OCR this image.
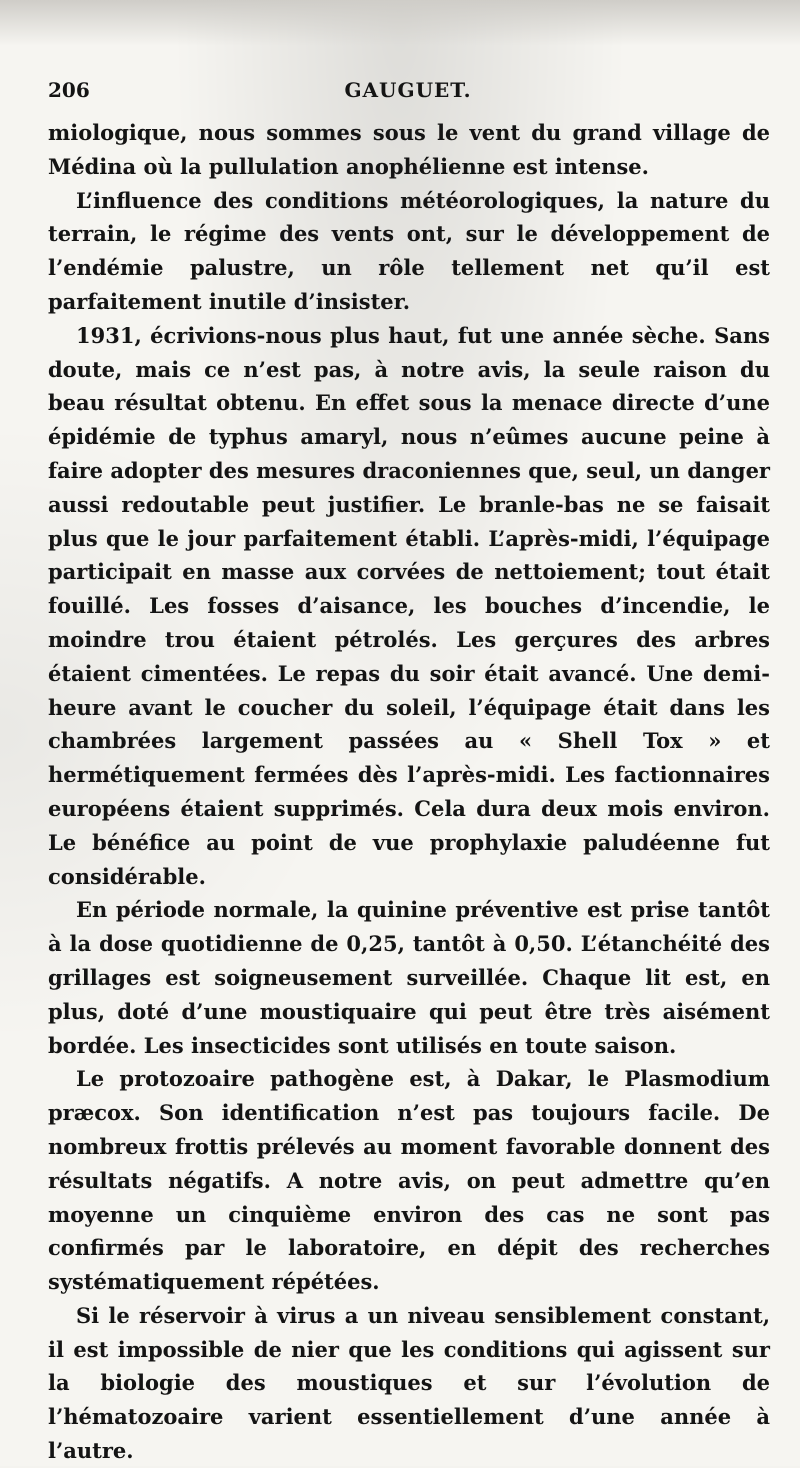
206	GAUGUET.

miologique, nous sommes sous le vent du grand village de Médina où la pullulation anophélienne est intense.

L’influence des conditions météorologiques, la nature du terrain, le régime des vents ont, sur le développement de l’endémie palustre, un rôle tellement net qu’il est parfaitement inutile d’insister.

1931, écrivions-nous plus haut, fut une année sèche. Sans doute, mais ce n’est pas, à notre avis, la seule raison du beau résultat obtenu. En effet sous la menace directe d’une épidémie de typhus amaryl, nous n’eûmes aucune peine à faire adopter des mesures draconiennes que, seul, un danger aussi redoutable peut justifier. Le branle-bas ne se faisait plus que le jour parfaitement établi. L’après-midi, l’équipage participait en masse aux corvées de nettoiement; tout était fouillé. Les fosses d’aisance, les bouches d’incendie, le moindre trou étaient pétrolés. Les gerçures des arbres étaient cimentées. Le repas du soir était avancé. Une demi-heure avant le coucher du soleil, l’équipage était dans les chambrées largement passées au « Shell Tox » et hermétiquement fermées dès l’après-midi. Les factionnaires européens étaient supprimés. Cela dura deux mois environ. Le bénéfice au point de vue prophylaxie paludéenne fut considérable.

En période normale, la quinine préventive est prise tantôt à la dose quotidienne de 0,25, tantôt à 0,50. L’étanchéité des grillages est soigneusement surveillée. Chaque lit est, en plus, doté d’une moustiquaire qui peut être très aisément bordée. Les insecticides sont utilisés en toute saison.

Le protozoaire pathogène est, à Dakar, le Plasmodium præcox. Son identification n’est pas toujours facile. De nombreux frottis prélevés au moment favorable donnent des résultats négatifs. A notre avis, on peut admettre qu’en moyenne un cinquième environ des cas ne sont pas confirmés par le laboratoire, en dépit des recherches systématiquement répétées.

Si le réservoir à virus a un niveau sensiblement constant, il est impossible de nier que les conditions qui agissent sur la biologie des moustiques et sur l’évolution de l’hématozoaire varient essentiellement d’une année à l’autre.
